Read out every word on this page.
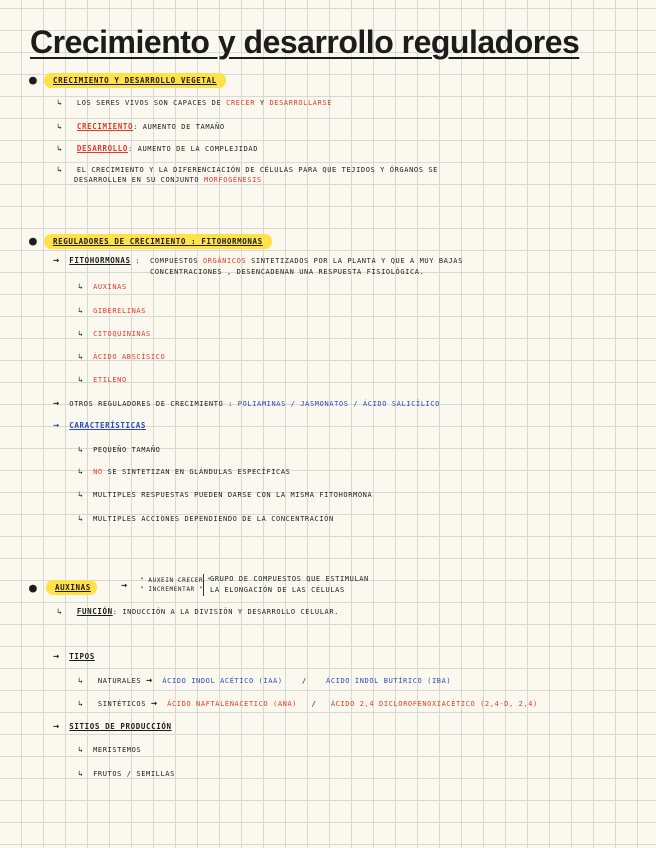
Crecimiento y desarrollo reguladores
● CRECIMIENTO Y DESARROLLO VEGETAL
↳ LOS SERES VIVOS SON CAPACES DE CRECER Y DESARROLLARSE
↳ CRECIMIENTO: AUMENTO DE TAMAÑO
↳ DESARROLLO: AUMENTO DE LA COMPLEJIDAD
↳ EL CRECIMIENTO Y LA DIFERENCIACIÓN DE CÉLULAS PARA QUE TEJIDOS Y ÓRGANOS SE
DESARROLLEN EN SU CONJUNTO MORFOGÉNESIS
● REGULADORES DE CRECIMIENTO : FITOHORMONAS
→ FITOHORMONAS : COMPUESTOS ORGÁNICOS SINTETIZADOS POR LA PLANTA Y QUE A MUY BAJAS
CONCENTRACIONES , DESENCADENAN UNA RESPUESTA FISIOLÓGICA.
↳ AUXINAS
↳ GIBERELINAS
↳ CITOQUININAS
↳ ÁCIDO ABSCÍSICO
↳ ETILENO
→ OTROS REGULADORES DE CRECIMIENTO : POLIAMINAS / JASMONATOS / ÁCIDO SALICÍLICO
→ CARACTERÍSTICAS
↳ PEQUEÑO TAMAÑO
↳ NO SE SINTETIZAN EN GLÁNDULAS ESPECÍFICAS
↳ MULTIPLES RESPUESTAS PUEDEN DARSE CON LA MISMA FITOHORMONA
↳ MULTIPLES ACCIONES DEPENDIENDO DE LA CONCENTRACIÓN
● AUXINAS	→ " AUXEIN CRECER "
" INCREMENTAR "
GRUPO DE COMPUESTOS QUE ESTIMULAN
LA ELONGACIÓN DE LAS CÉLULAS
↳ FUNCIÓN: INDUCCIÓN A LA DIVISIÓN Y DESARROLLO CELULAR.
→ TIPOS
↳ NATURALES → ÁCIDO INDOL ACÉTICO (IAA)	/	ÁCIDO INDOL BUTÍRICO (IBA)
↳ SINTÉTICOS → ÁCIDO NAFTALENACETICO (ANA) / ÁCIDO 2,4 DICLOROFENOXIACÉTICO (2,4-D, 2,4)
→ SITIOS DE PRODUCCIÓN
↳ MERISTEMOS
↳ FRUTOS / SEMILLAS
